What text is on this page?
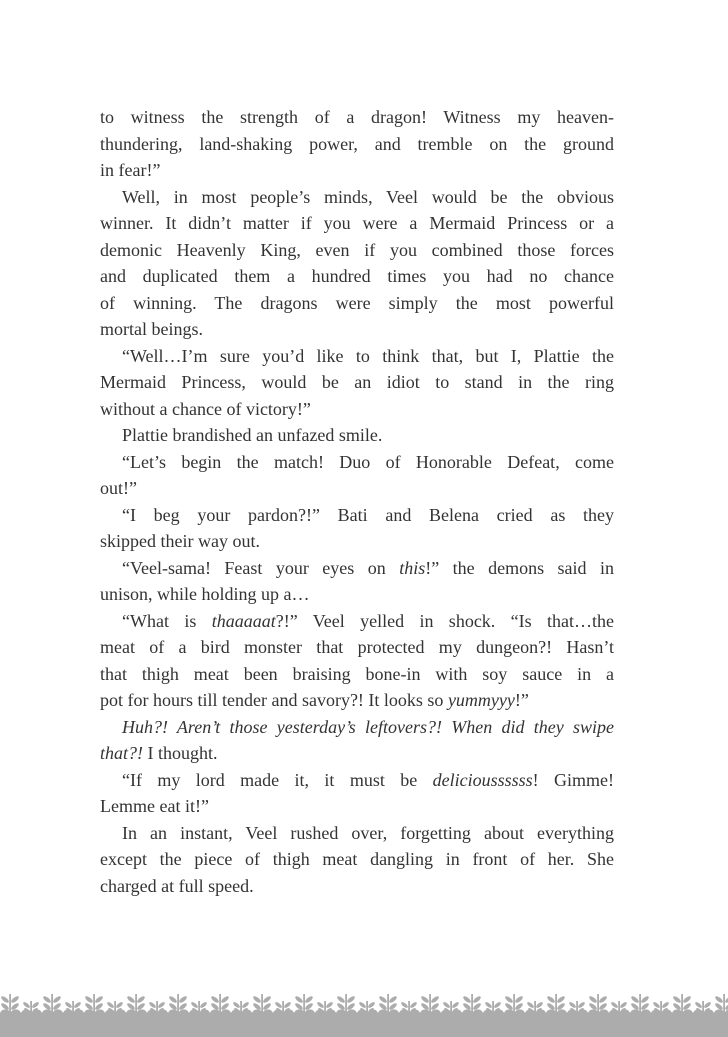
to witness the strength of a dragon! Witness my heaven-
thundering, land-shaking power, and tremble on the ground
in fear!”
Well, in most people’s minds, Veel would be the obvious
winner. It didn’t matter if you were a Mermaid Princess or a
demonic Heavenly King, even if you combined those forces
and duplicated them a hundred times you had no chance
of winning. The dragons were simply the most powerful
mortal beings.
“Well…I’m sure you’d like to think that, but I, Plattie the
Mermaid Princess, would be an idiot to stand in the ring
without a chance of victory!”
Plattie brandished an unfazed smile.
“Let’s begin the match! Duo of Honorable Defeat, come
out!”
“I beg your pardon?!” Bati and Belena cried as they
skipped their way out.
“Veel-sama! Feast your eyes on this!” the demons said in
unison, while holding up a…
“What is thaaaaat?!” Veel yelled in shock. “Is that…the
meat of a bird monster that protected my dungeon?! Hasn’t
that thigh meat been braising bone-in with soy sauce in a
pot for hours till tender and savory?! It looks so yummyyy!”
Huh?! Aren’t those yesterday’s leftovers?! When did they swipe
that?! I thought.
“If my lord made it, it must be delicioussssss! Gimme!
Lemme eat it!”
In an instant, Veel rushed over, forgetting about everything
except the piece of thigh meat dangling in front of her. She
charged at full speed.
